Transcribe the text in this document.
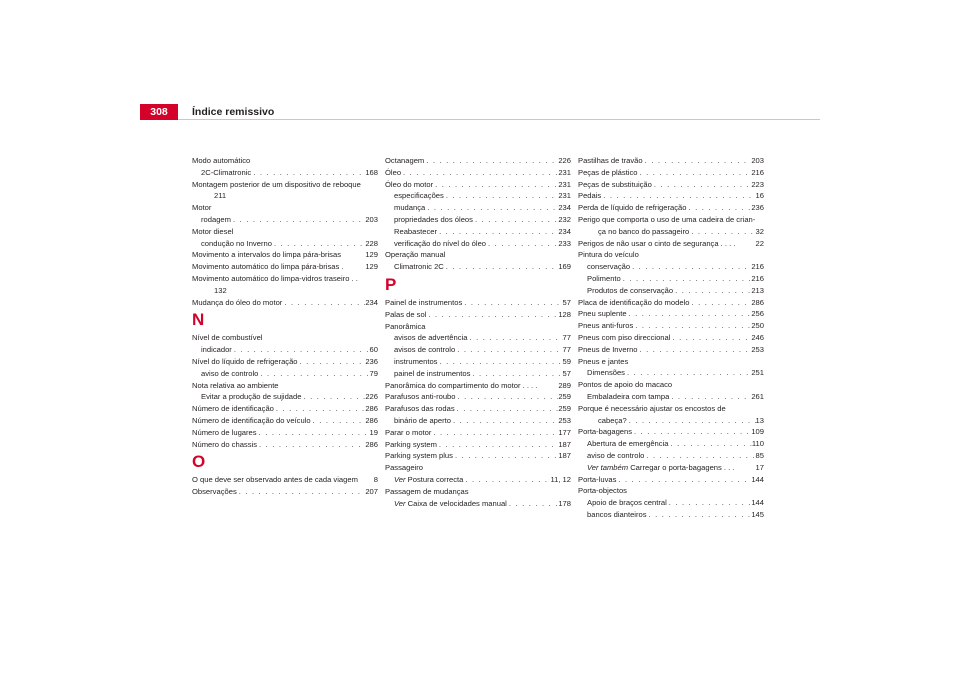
308	Índice remissivo
Modo automático
2C-Climatronic . . .	168
Montagem posterior de um dispositivo de reboque
211
Motor
rodagem . . .	203
Motor diesel
condução no Inverno . . .	228
Movimento a intervalos do limpa pára-brisas	129
Movimento automático do limpa pára-brisas .	129
Movimento automático do limpa-vidros traseiro . .
132
Mudança do óleo do motor . . .	234
N
Nível de combustível
indicador . . .	60
Nível do líquido de refrigeração . . .	236
aviso de controlo . . .	79
Nota relativa ao ambiente
Evitar a produção de sujidade . . .	226
Número de identificação . . .	286
Número de identificação do veículo . . .	286
Número de lugares . . .	19
Número do chassis . . .	286
O
O que deve ser observado antes de cada viagem 8
Observações . . .	207
Octanagem . . .	226
Óleo . . .	231
Óleo do motor . . .	231
especificações . . .	231
mudança . . .	234
propriedades dos óleos . . .	232
Reabastecer . . .	234
verificação do nível do óleo . . .	233
Operação manual
Climatronic 2C . . .	169
P
Painel de instrumentos . . .	57
Palas de sol . . .	128
Panorâmica
avisos de advertência . . .	77
avisos de controlo . . .	77
instrumentos . . .	59
painel de instrumentos . . .	57
Panorâmica do compartimento do motor . . . .	289
Parafusos anti-roubo . . .	259
Parafusos das rodas . . .	259
binário de aperto . . .	253
Parar o motor . . .	177
Parking system . . .	187
Parking system plus . . .	187
Passageiro
Ver Postura correcta . . .	11, 12
Passagem de mudanças
Ver Caixa de velocidades manual . . .	178
Pastilhas de travão . . .	203
Peças de plástico . . .	216
Peças de substituição . . .	223
Pedais . . .	16
Perda de líquido de refrigeração . . .	236
Perigo que comporta o uso de uma cadeira de crian-
ça no banco do passageiro . . .	32
Perigos de não usar o cinto de segurança . . . .	22
Pintura do veículo
conservação . . .	216
Polimento . . .	216
Produtos de conservação . . .	213
Placa de identificação do modelo . . .	286
Pneu suplente . . .	256
Pneus anti-furos . . .	250
Pneus com piso direccional . . .	246
Pneus de Inverno . . .	253
Pneus e jantes
Dimensões . . .	251
Pontos de apoio do macaco
Embaladeira com tampa . . .	261
Porque é necessário ajustar os encostos de
cabeça? . . .	13
Porta-bagagens . . .	109
Abertura de emergência . . .	110
aviso de controlo . . .	85
Ver também Carregar o porta-bagagens . . .	17
Porta-luvas . . .	144
Porta-objectos
Apoio de braços central . . .	144
bancos dianteiros . . .	145
